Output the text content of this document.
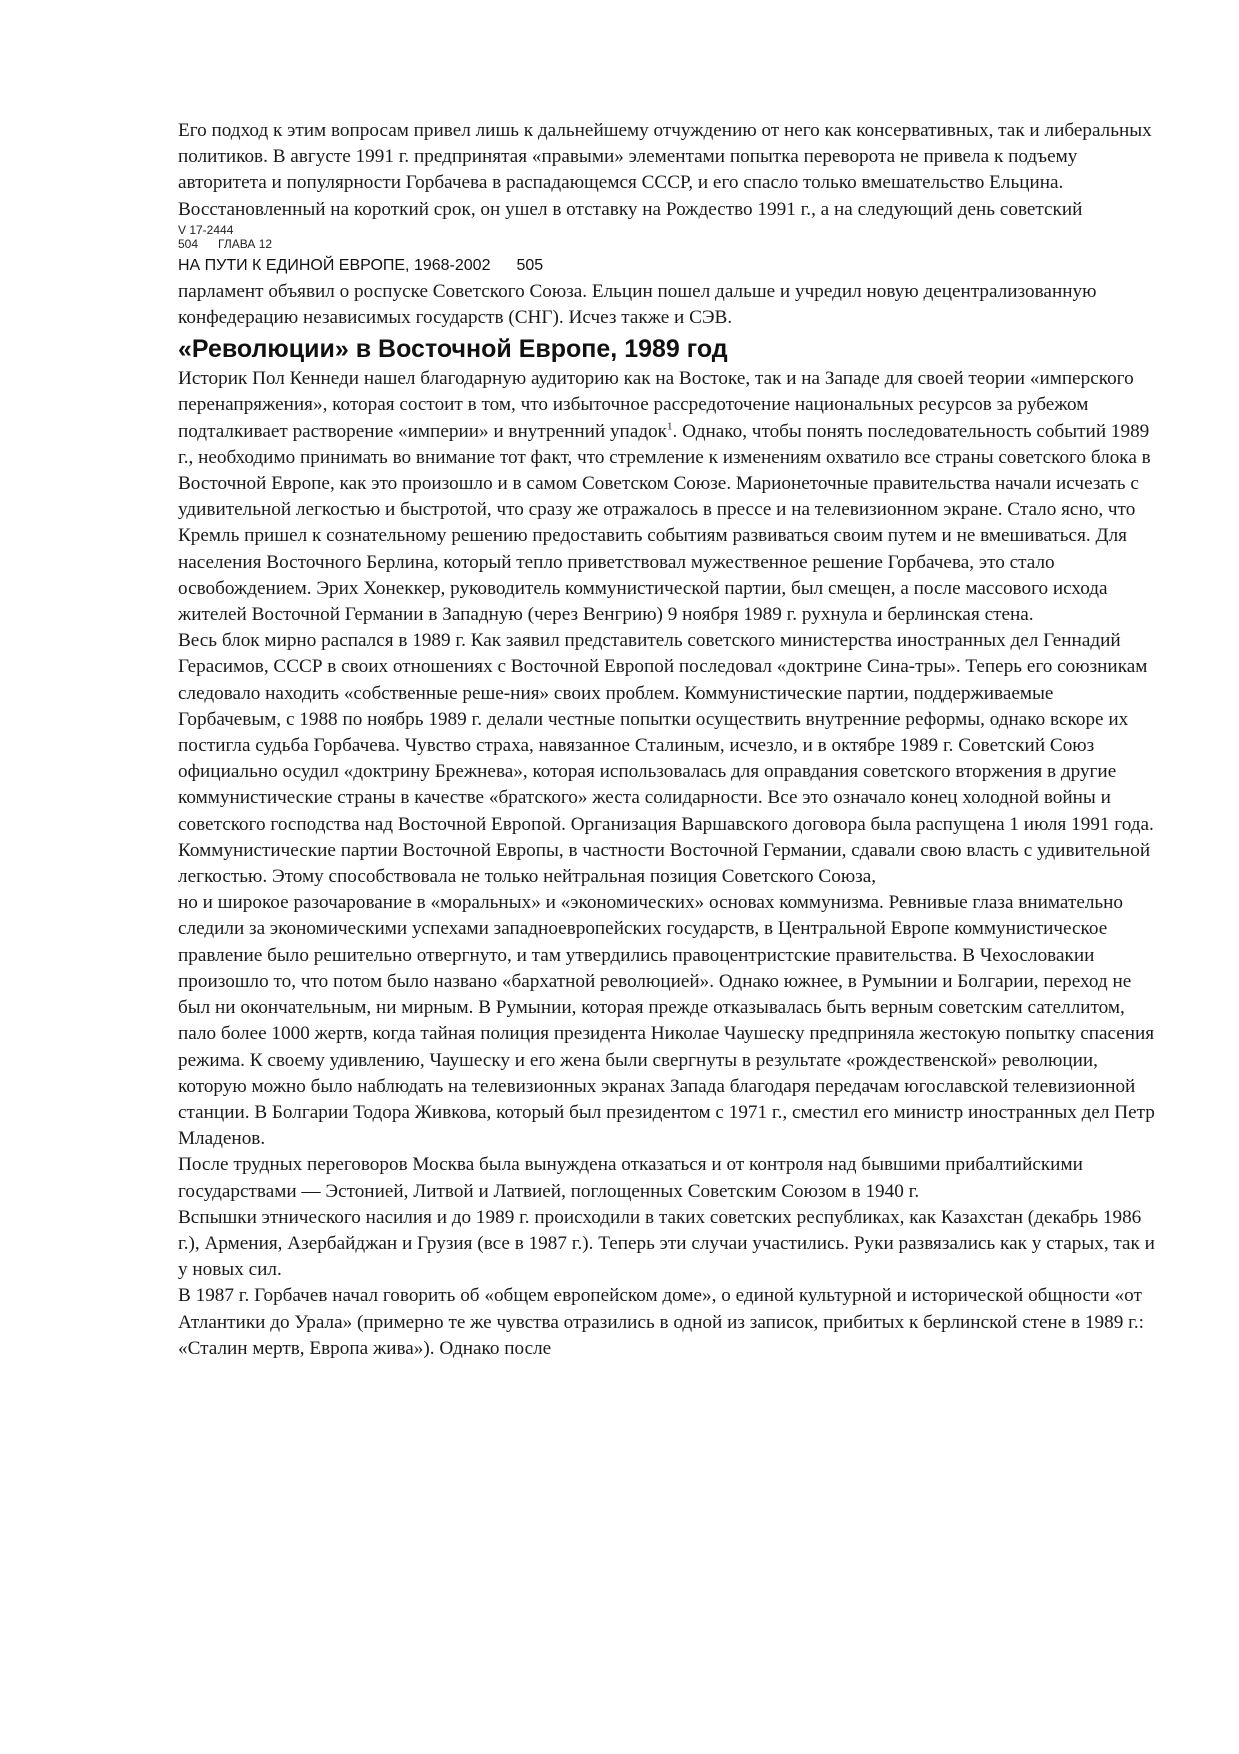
Его подход к этим вопросам привел лишь к дальнейшему отчуждению от него как консервативных, так и либеральных политиков. В августе 1991 г. предпринятая «правыми» элементами попытка переворота не привела к подъему авторитета и популярности Горбачева в распадающемся СССР, и его спасло только вмешательство Ельцина. Восстановленный на короткий срок, он ушел в отставку на Рождество 1991 г., а на следующий день советский

V 17-2444

504 ГЛАВА 12

НА ПУТИ К ЕДИНОЙ ЕВРОПЕ, 1968-2002 505

парламент объявил о роспуске Советского Союза. Ельцин пошел дальше и учредил новую децентрализованную конфедерацию независимых государств (СНГ). Исчез также и СЭВ.

«Революции» в Восточной Европе, 1989 год

Историк Пол Кеннеди нашел благодарную аудиторию как на Востоке, так и на Западе для своей теории «имперского перенапряжения», которая состоит в том, что избыточное рассредоточение национальных ресурсов за рубежом подталкивает растворение «империи» и внутренний упадок$^1$. Однако, чтобы понять последовательность событий 1989 г., необходимо принимать во внимание тот факт, что стремление к изменениям охватило все страны советского блока в Восточной Европе, как это произошло и в самом Советском Союзе. Марионеточные правительства начали исчезать с удивительной легкостью и быстротой, что сразу же отражалось в прессе и на телевизионном экране. Стало ясно, что Кремль пришел к сознательному решению предоставить событиям развиваться своим путем и не вмешиваться. Для населения Восточного Берлина, который тепло приветствовал мужественное решение Горбачева, это стало освобождением. Эрих Хонеккер, руководитель коммунистической партии, был смещен, а после массового исхода жителей Восточной Германии в Западную (через Венгрию) 9 ноября 1989 г. рухнула и берлинская стена.

Весь блок мирно распался в 1989 г. Как заявил представитель советского министерства иностранных дел Геннадий Герасимов, СССР в своих отношениях с Восточной Европой последовал «доктрине Сина-тры». Теперь его союзникам следовало находить «собственные реше-ния» своих проблем. Коммунистические партии, поддерживаемые Горбачевым, с 1988 по ноябрь 1989 г. делали честные попытки осуществить внутренние реформы, однако вскоре их постигла судьба Горбачева. Чувство страха, навязанное Сталиным, исчезло, и в октябре 1989 г. Советский Союз официально осудил «доктрину Брежнева», которая использовалась для оправдания советского вторжения в другие коммунистические страны в качестве «братского» жеста солидарности. Все это означало конец холодной войны и советского господства над Восточной Европой. Организация Варшавского договора была распущена 1 июля 1991 года.

Коммунистические партии Восточной Европы, в частности Восточной Германии, сдавали свою власть с удивительной легкостью. Этому способствовала не только нейтральная позиция Советского Союза,

но и широкое разочарование в «моральных» и «экономических» основах коммунизма. Ревнивые глаза внимательно следили за экономическими успехами западноевропейских государств, в Центральной Европе коммунистическое правление было решительно отвергнуто, и там утвердились правоцентристские правительства. В Чехословакии произошло то, что потом было названо «бархатной революцией». Однако южнее, в Румынии и Болгарии, переход не был ни окончательным, ни мирным. В Румынии, которая прежде отказывалась быть верным советским сателлитом, пало более 1000 жертв, когда тайная полиция президента Николае Чаушеску предприняла жестокую попытку спасения режима. К своему удивлению, Чаушеску и его жена были свергнуты в результате «рождественской» революции, которую можно было наблюдать на телевизионных экранах Запада благодаря передачам югославской телевизионной станции. В Болгарии Тодора Живкова, который был президентом с 1971 г., сместил его министр иностранных дел Петр Младенов.

После трудных переговоров Москва была вынуждена отказаться и от контроля над бывшими прибалтийскими государствами — Эстонией, Литвой и Латвией, поглощенных Советским Союзом в 1940 г.

Вспышки этнического насилия и до 1989 г. происходили в таких советских республиках, как Казахстан (декабрь 1986 г.), Армения, Азербайджан и Грузия (все в 1987 г.). Теперь эти случаи участились. Руки развязались как у старых, так и у новых сил.

В 1987 г. Горбачев начал говорить об «общем европейском доме», о единой культурной и исторической общности «от Атлантики до Урала» (примерно те же чувства отразились в одной из записок, прибитых к берлинской стене в 1989 г.: «Сталин мертв, Европа жива»). Однако после
